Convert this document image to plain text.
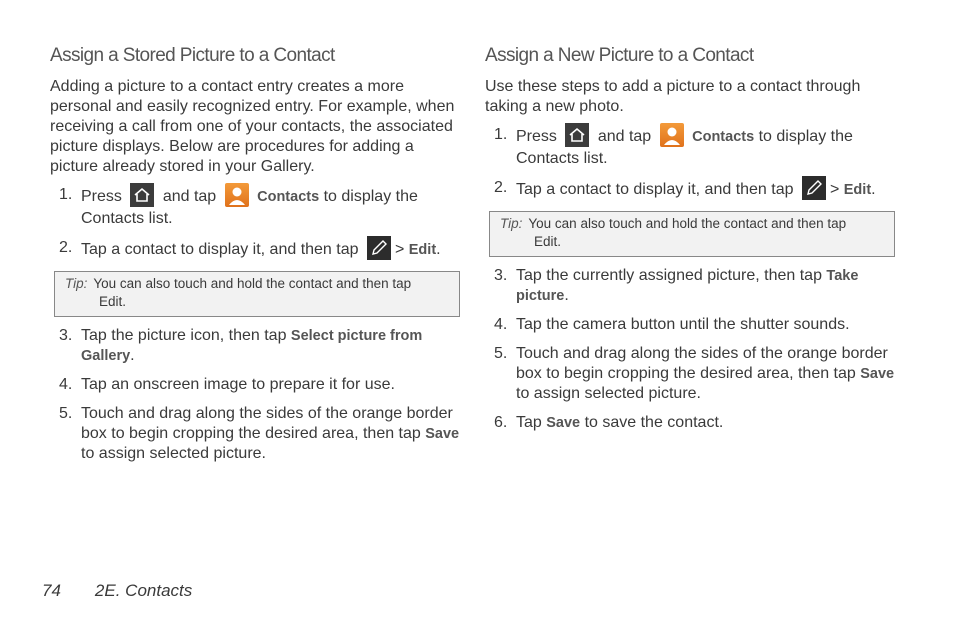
Assign a Stored Picture to a Contact

Adding a picture to a contact entry creates a more personal and easily recognized entry. For example, when receiving a call from one of your contacts, the associated picture displays. Below are procedures for adding a picture already stored in your Gallery.

1. Press	and tap	Contacts to display the Contacts list.
2. Tap a contact to display it, and then tap > Edit.
Tip: You can also touch and hold the contact and then tap
Edit.
3. Tap the picture icon, then tap Select picture from Gallery.
4. Tap an onscreen image to prepare it for use.
5. Touch and drag along the sides of the orange border box to begin cropping the desired area, then tap Save to assign selected picture.
Assign a New Picture to a Contact

Use these steps to add a picture to a contact through taking a new photo.

1. Press	and tap	Contacts to display the Contacts list.
2. Tap a contact to display it, and then tap > Edit.
Tip: You can also touch and hold the contact and then tap
Edit.
3. Tap the currently assigned picture, then tap Take picture.
4. Tap the camera button until the shutter sounds.
5. Touch and drag along the sides of the orange border box to begin cropping the desired area, then tap Save to assign selected picture.
6. Tap Save to save the contact.
74 2E. Contacts
